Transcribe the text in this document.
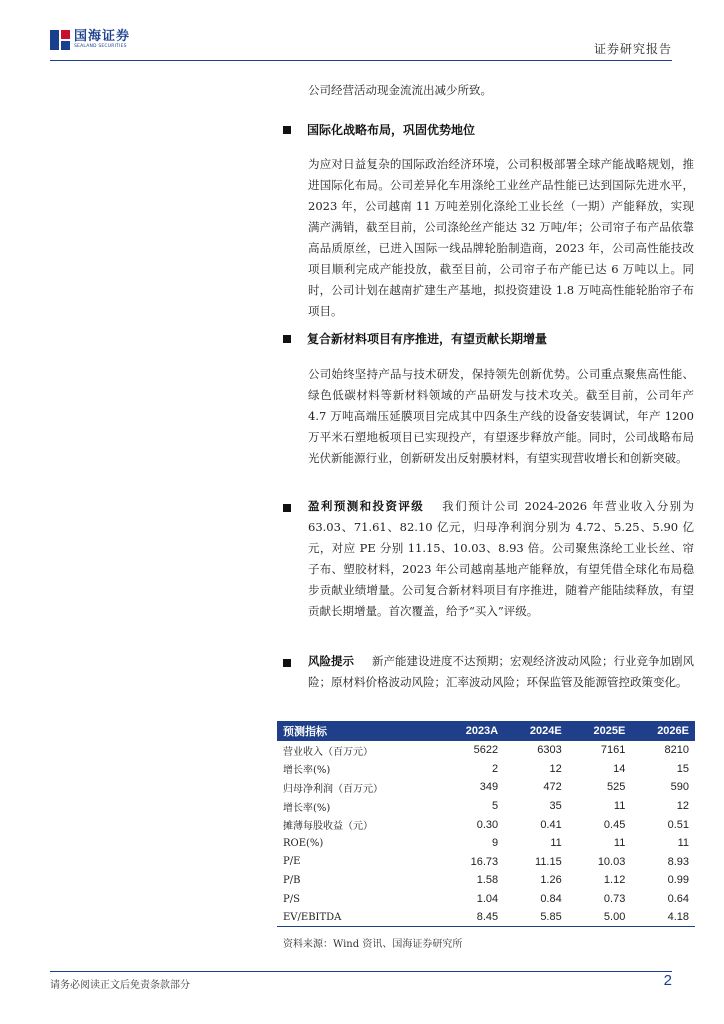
国海证券
SEALAND SECURITIES	证券研究报告
公司经营活动现金流流出减少所致。
国际化战略布局，巩固优势地位
为应对日益复杂的国际政治经济环境，公司积极部署全球产能战略规划，推进国际化布局。公司差异化车用涤纶工业丝产品性能已达到国际先进水平，2023 年，公司越南 11 万吨差别化涤纶工业长丝（一期）产能释放，实现满产满销，截至目前，公司涤纶丝产能达 32 万吨/年；公司帘子布产品依靠高品质原丝，已进入国际一线品牌轮胎制造商，2023 年，公司高性能技改项目顺利完成产能投放，截至目前，公司帘子布产能已达 6 万吨以上。同时，公司计划在越南扩建生产基地，拟投资建设 1.8 万吨高性能轮胎帘子布项目。
复合新材料项目有序推进，有望贡献长期增量
公司始终坚持产品与技术研发，保持领先创新优势。公司重点聚焦高性能、绿色低碳材料等新材料领域的产品研发与技术攻关。截至目前，公司年产 4.7 万吨高端压延膜项目完成其中四条生产线的设备安装调试，年产 1200 万平米石塑地板项目已实现投产，有望逐步释放产能。同时，公司战略布局光伏新能源行业，创新研发出反射膜材料，有望实现营收增长和创新突破。
盈利预测和投资评级 我们预计公司 2024-2026 年营业收入分别为 63.03、71.61、82.10 亿元，归母净利润分别为 4.72、5.25、5.90 亿元，对应 PE 分别 11.15、10.03、8.93 倍。公司聚焦涤纶工业长丝、帘子布、塑胶材料，2023 年公司越南基地产能释放，有望凭借全球化布局稳步贡献业绩增量。公司复合新材料项目有序推进，随着产能陆续释放，有望贡献长期增量。首次覆盖，给予“买入”评级。
风险提示 新产能建设进度不达预期；宏观经济波动风险；行业竞争加剧风险；原材料价格波动风险；汇率波动风险；环保监管及能源管控政策变化。
预测指标	2023A	2024E	2025E	2026E
营业收入（百万元）	5622	6303	7161	8210
增长率(%)	2	12	14	15
归母净利润（百万元）	349	472	525	590
增长率(%)	5	35	11	12
摊薄每股收益（元）	0.30	0.41	0.45	0.51
ROE(%)	9	11	11	11
P/E	16.73	11.15	10.03	8.93
P/B	1.58	1.26	1.12	0.99
P/S	1.04	0.84	0.73	0.64
EV/EBITDA	8.45	5.85	5.00	4.18
资料来源：Wind 资讯、国海证券研究所
请务必阅读正文后免责条款部分	2
